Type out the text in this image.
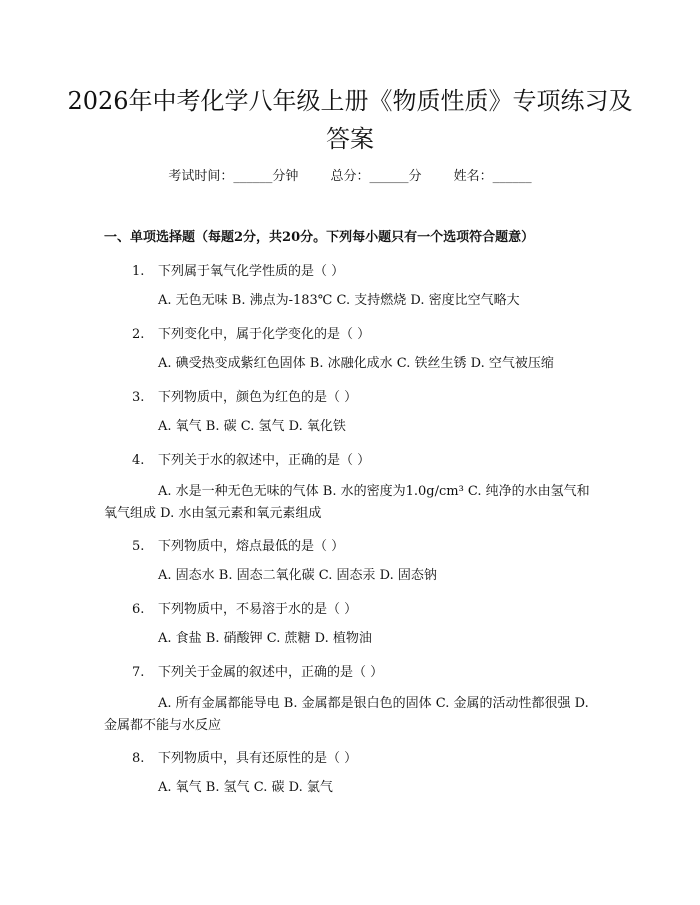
2026年中考化学八年级上册《物质性质》专项练习及答案
考试时间：______分钟 总分：______分 姓名：______
一、单项选择题（每题2分，共20分。下列每小题只有一个选项符合题意）
1. 下列属于氧气化学性质的是（ ）
A. 无色无味 B. 沸点为-183℃ C. 支持燃烧 D. 密度比空气略大
2. 下列变化中，属于化学变化的是（ ）
A. 碘受热变成紫红色固体 B. 冰融化成水 C. 铁丝生锈 D. 空气被压缩
3. 下列物质中，颜色为红色的是（ ）
A. 氧气 B. 碳 C. 氢气 D. 氧化铁
4. 下列关于水的叙述中，正确的是（ ）
A. 水是一种无色无味的气体 B. 水的密度为1.0g/cm³ C. 纯净的水由氢气和氧气组成 D. 水由氢元素和氧元素组成
5. 下列物质中，熔点最低的是（ ）
A. 固态水 B. 固态二氧化碳 C. 固态汞 D. 固态钠
6. 下列物质中，不易溶于水的是（ ）
A. 食盐 B. 硝酸钾 C. 蔗糖 D. 植物油
7. 下列关于金属的叙述中，正确的是（ ）
A. 所有金属都能导电 B. 金属都是银白色的固体 C. 金属的活动性都很强 D. 金属都不能与水反应
8. 下列物质中，具有还原性的是（ ）
A. 氧气 B. 氢气 C. 碳 D. 氯气
